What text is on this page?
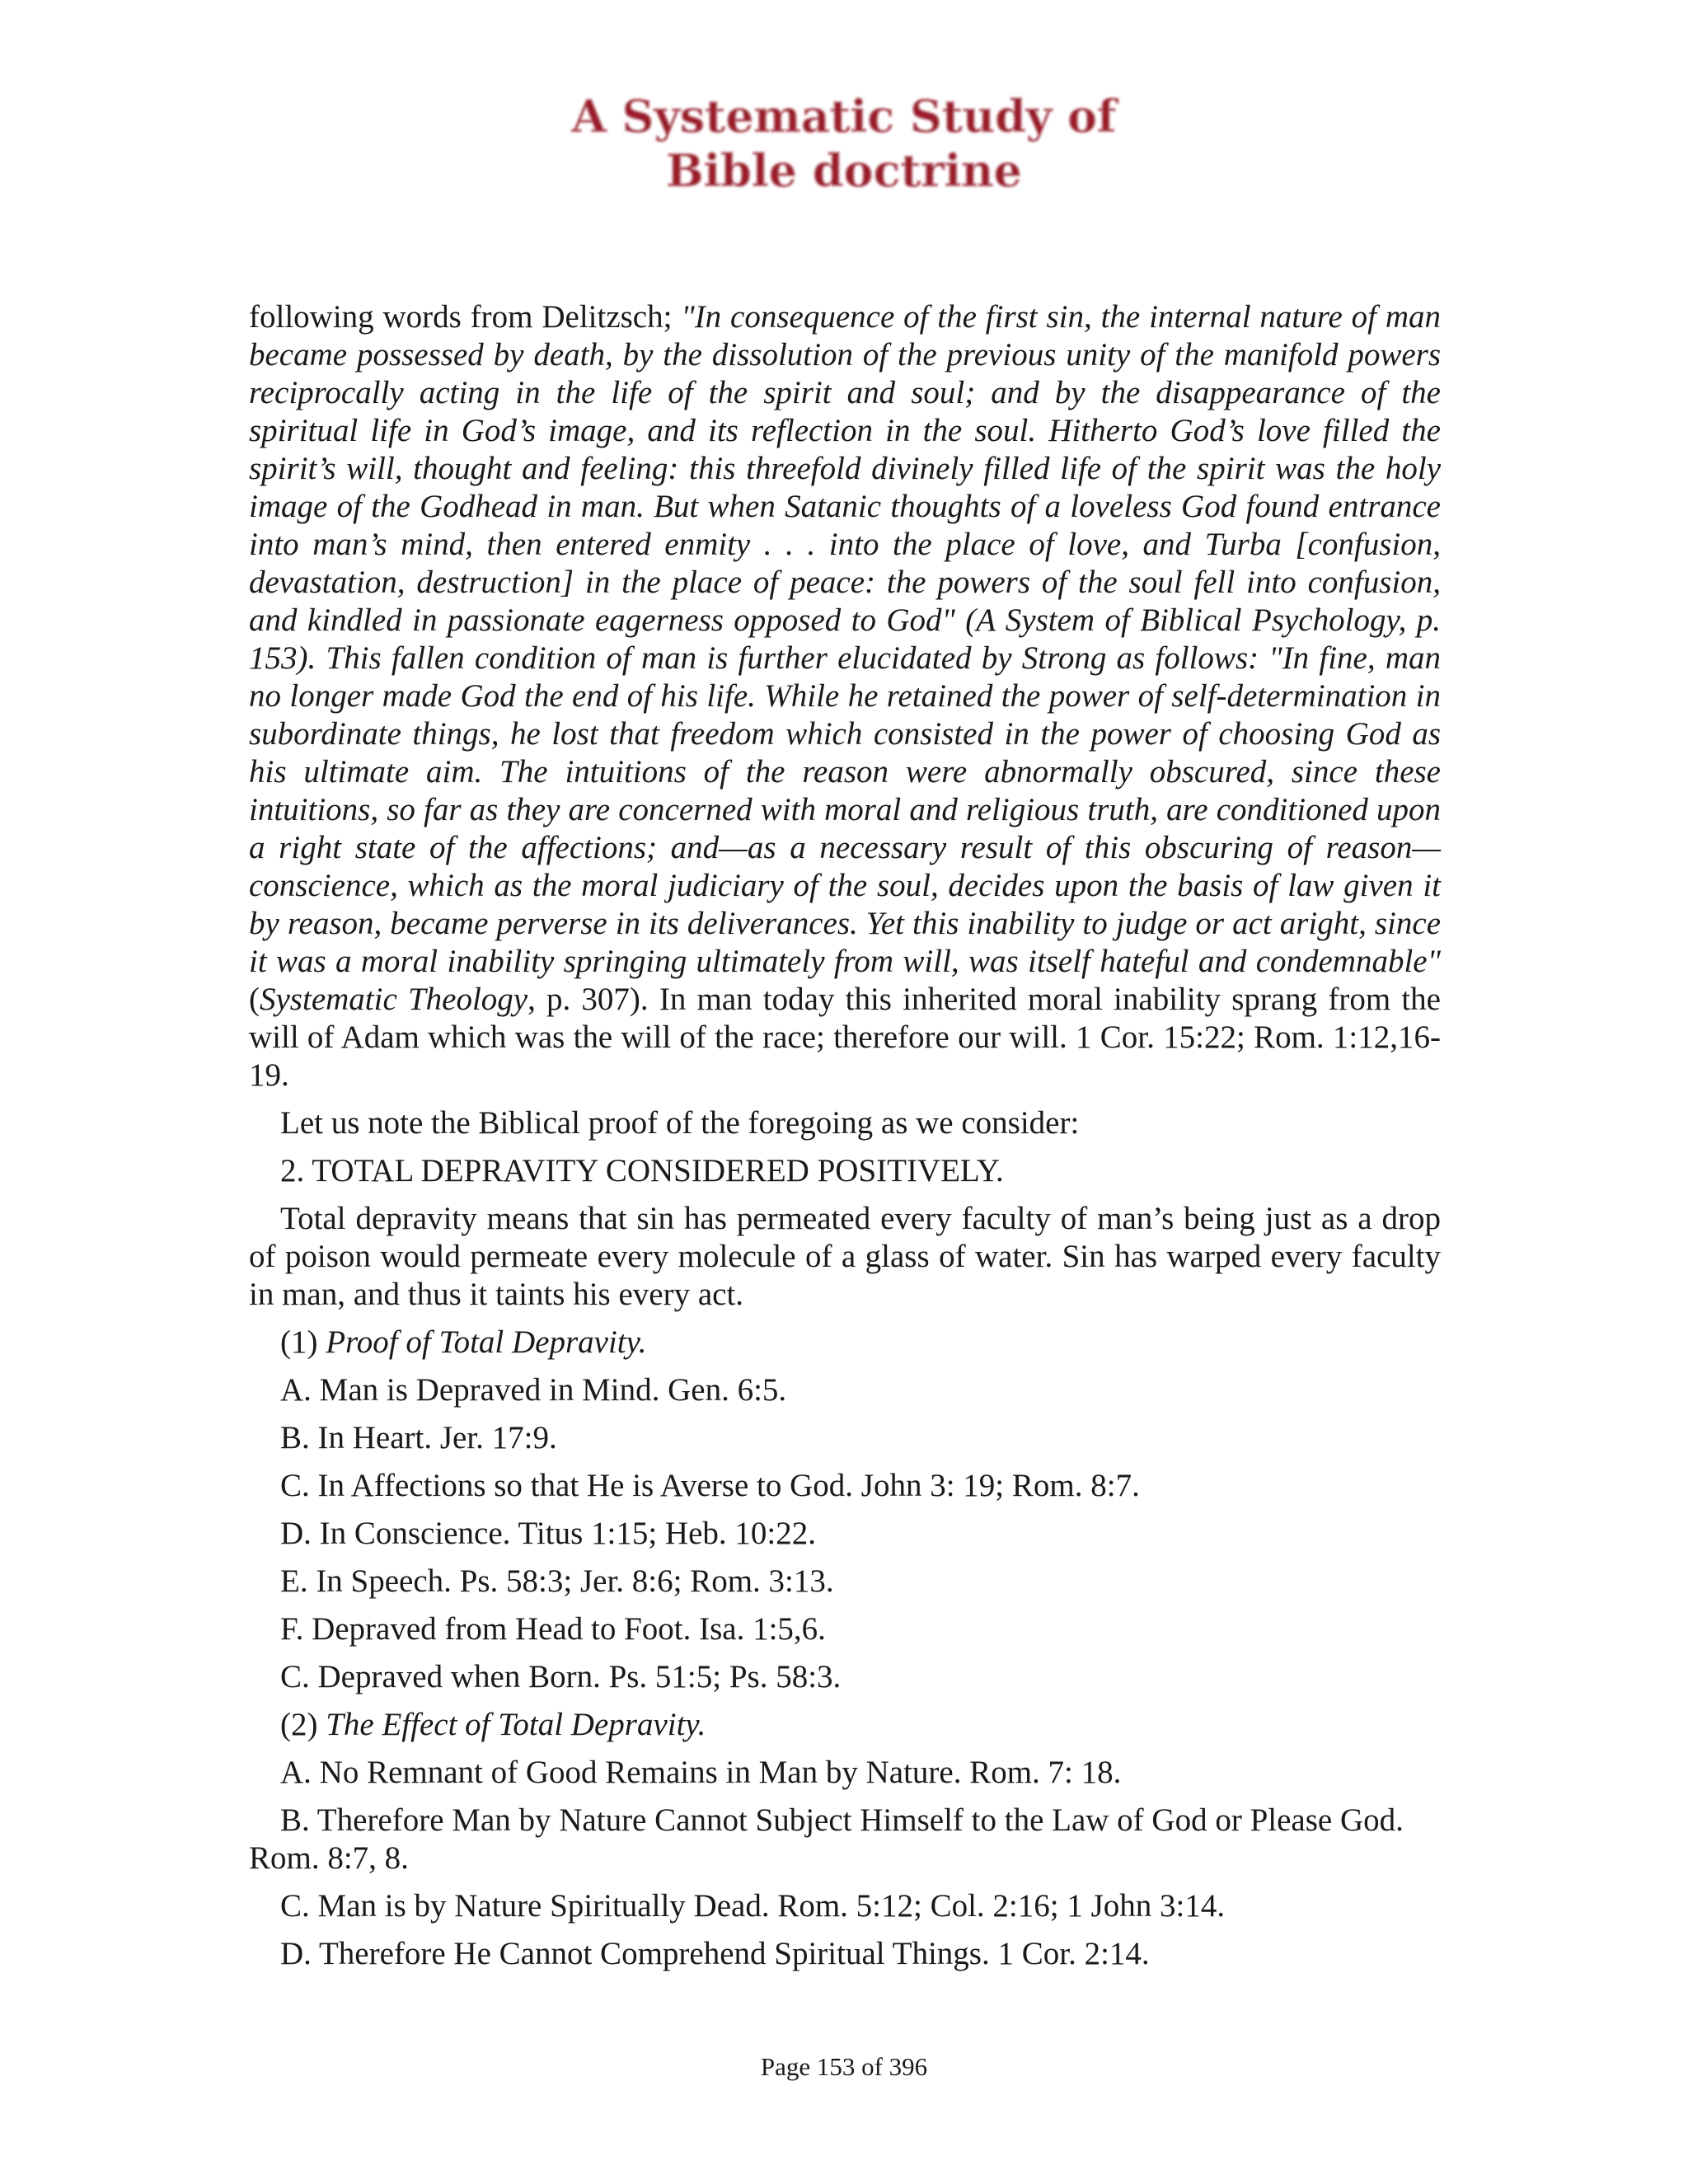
A Systematic Study of
Bible doctrine

following words from Delitzsch; "In consequence of the first sin, the internal nature of man became possessed by death, by the dissolution of the previous unity of the manifold powers reciprocally acting in the life of the spirit and soul; and by the disappearance of the spiritual life in God’s image, and its reflection in the soul. Hitherto God’s love filled the spirit’s will, thought and feeling: this threefold divinely filled life of the spirit was the holy image of the Godhead in man. But when Satanic thoughts of a loveless God found entrance into man’s mind, then entered enmity . . . into the place of love, and Turba [confusion, devastation, destruction] in the place of peace: the powers of the soul fell into confusion, and kindled in passionate eagerness opposed to God" (A System of Biblical Psychology, p. 153). This fallen condition of man is further elucidated by Strong as follows: "In fine, man no longer made God the end of his life. While he retained the power of self-determination in subordinate things, he lost that freedom which consisted in the power of choosing God as his ultimate aim. The intuitions of the reason were abnormally obscured, since these intuitions, so far as they are concerned with moral and religious truth, are conditioned upon a right state of the affections; and—as a necessary result of this obscuring of reason—conscience, which as the moral judiciary of the soul, decides upon the basis of law given it by reason, became perverse in its deliverances. Yet this inability to judge or act aright, since it was a moral inability springing ultimately from will, was itself hateful and condemnable" (Systematic Theology, p. 307). In man today this inherited moral inability sprang from the will of Adam which was the will of the race; therefore our will. 1 Cor. 15:22; Rom. 1:12,16-19.

Let us note the Biblical proof of the foregoing as we consider:

2. TOTAL DEPRAVITY CONSIDERED POSITIVELY.

Total depravity means that sin has permeated every faculty of man’s being just as a drop of poison would permeate every molecule of a glass of water. Sin has warped every faculty in man, and thus it taints his every act.

(1) Proof of Total Depravity.

A. Man is Depraved in Mind. Gen. 6:5.

B. In Heart. Jer. 17:9.

C. In Affections so that He is Averse to God. John 3: 19; Rom. 8:7.

D. In Conscience. Titus 1:15; Heb. 10:22.

E. In Speech. Ps. 58:3; Jer. 8:6; Rom. 3:13.

F. Depraved from Head to Foot. Isa. 1:5,6.

C. Depraved when Born. Ps. 51:5; Ps. 58:3.

(2) The Effect of Total Depravity.

A. No Remnant of Good Remains in Man by Nature. Rom. 7: 18.

B. Therefore Man by Nature Cannot Subject Himself to the Law of God or Please God. Rom. 8:7, 8.

C. Man is by Nature Spiritually Dead. Rom. 5:12; Col. 2:16; 1 John 3:14.

D. Therefore He Cannot Comprehend Spiritual Things. 1 Cor. 2:14.

Page 153 of 396
